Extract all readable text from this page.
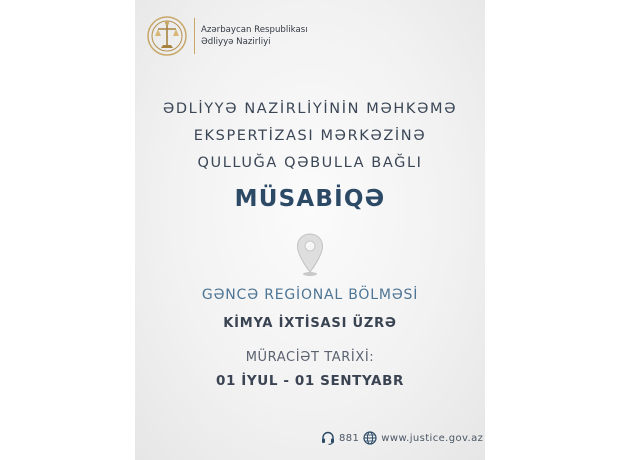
Azərbaycan Respublikası
Ədliyyə Nazirliyi
ƏDLİYYƏ NAZİRLİYİNİN MƏHKƏMƏ
EKSPERTİZASI MƏRKƏZİNƏ
QULLUĞA QƏBULLA BAĞLI
MÜSABİQƏ
GƏNCƏ REGİONAL BÖLMƏSİ
KİMYA İXTİSASI ÜZRƏ
MÜRACİƏT TARİXİ:
01 İYUL - 01 SENTYABR
881 www.justice.gov.az
